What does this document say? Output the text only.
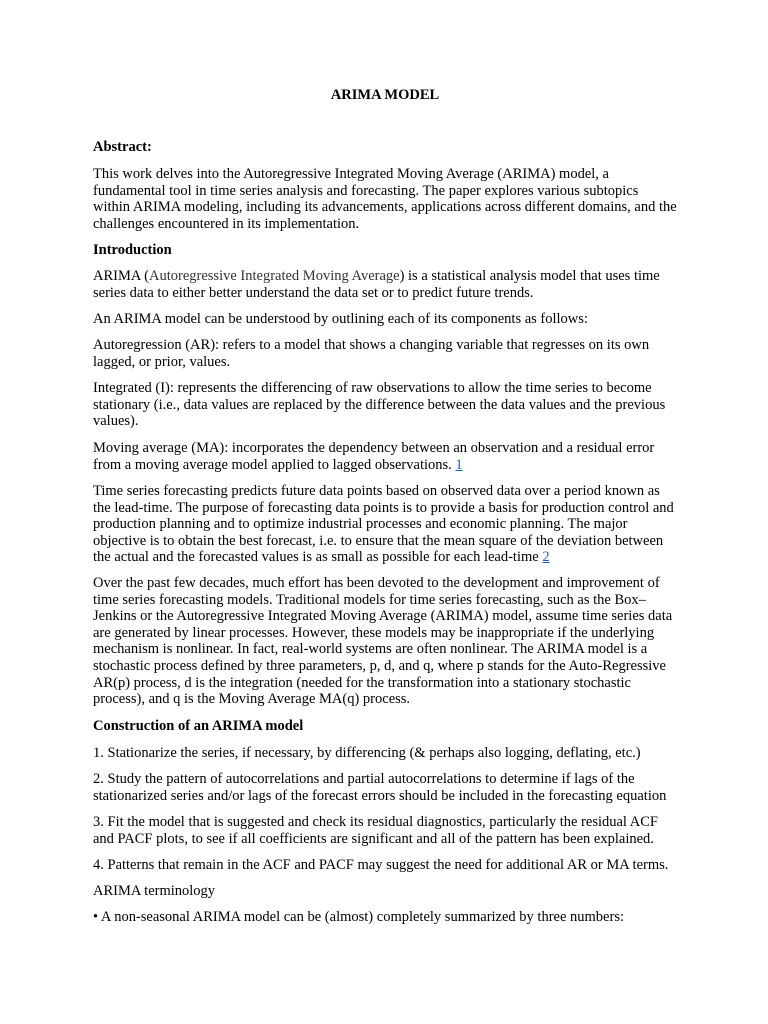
ARIMA MODEL

Abstract:

This work delves into the Autoregressive Integrated Moving Average (ARIMA) model, a fundamental tool in time series analysis and forecasting. The paper explores various subtopics within ARIMA modeling, including its advancements, applications across different domains, and the challenges encountered in its implementation.

Introduction

ARIMA (Autoregressive Integrated Moving Average) is a statistical analysis model that uses time series data to either better understand the data set or to predict future trends.

An ARIMA model can be understood by outlining each of its components as follows:

Autoregression (AR): refers to a model that shows a changing variable that regresses on its own lagged, or prior, values.

Integrated (I): represents the differencing of raw observations to allow the time series to become stationary (i.e., data values are replaced by the difference between the data values and the previous values).

Moving average (MA): incorporates the dependency between an observation and a residual error from a moving average model applied to lagged observations. 1

Time series forecasting predicts future data points based on observed data over a period known as the lead-time. The purpose of forecasting data points is to provide a basis for production control and production planning and to optimize industrial processes and economic planning. The major objective is to obtain the best forecast, i.e. to ensure that the mean square of the deviation between the actual and the forecasted values is as small as possible for each lead-time 2

Over the past few decades, much effort has been devoted to the development and improvement of time series forecasting models. Traditional models for time series forecasting, such as the Box–Jenkins or the Autoregressive Integrated Moving Average (ARIMA) model, assume time series data are generated by linear processes. However, these models may be inappropriate if the underlying mechanism is nonlinear. In fact, real-world systems are often nonlinear. The ARIMA model is a stochastic process defined by three parameters, p, d, and q, where p stands for the Auto-Regressive AR(p) process, d is the integration (needed for the transformation into a stationary stochastic process), and q is the Moving Average MA(q) process.

Construction of an ARIMA model

1. Stationarize the series, if necessary, by differencing (& perhaps also logging, deflating, etc.)

2. Study the pattern of autocorrelations and partial autocorrelations to determine if lags of the stationarized series and/or lags of the forecast errors should be included in the forecasting equation

3. Fit the model that is suggested and check its residual diagnostics, particularly the residual ACF and PACF plots, to see if all coefficients are significant and all of the pattern has been explained.

4. Patterns that remain in the ACF and PACF may suggest the need for additional AR or MA terms.

ARIMA terminology

• A non-seasonal ARIMA model can be (almost) completely summarized by three numbers:
